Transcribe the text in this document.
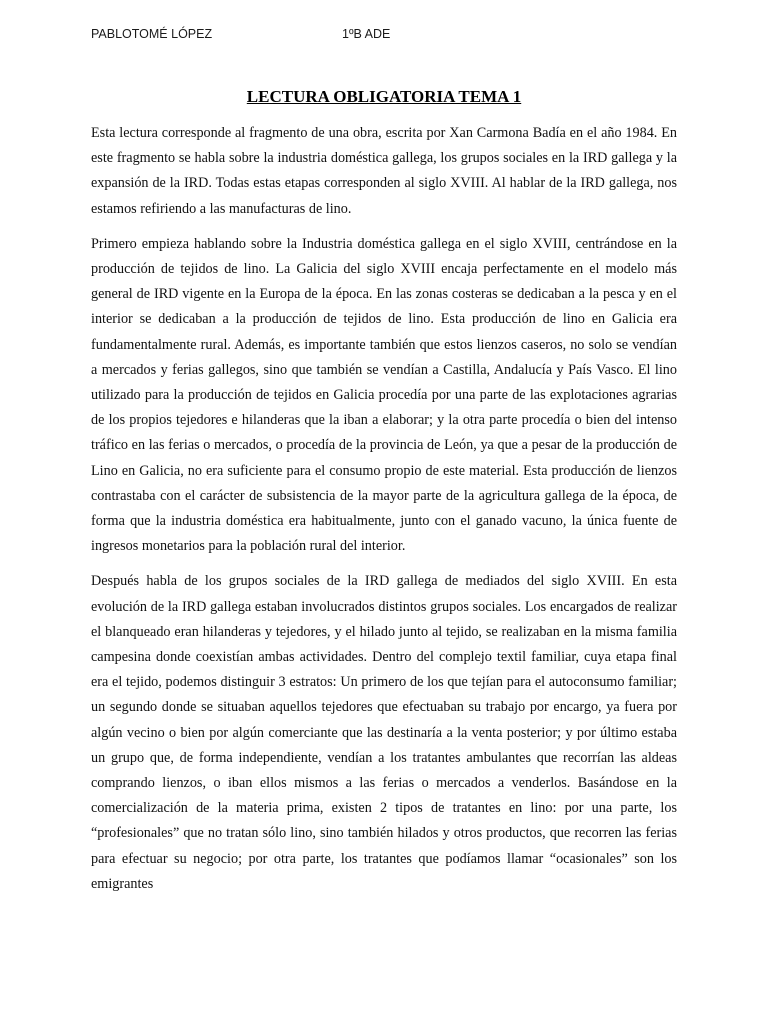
PABLOTOMÉ LÓPEZ	1ºB ADE
LECTURA OBLIGATORIA TEMA 1

Esta lectura corresponde al fragmento de una obra, escrita por Xan Carmona Badía en el año 1984. En este fragmento se habla sobre la industria doméstica gallega, los grupos sociales en la IRD gallega y la expansión de la IRD. Todas estas etapas corresponden al siglo XVIII. Al hablar de la IRD gallega, nos estamos refiriendo a las manufacturas de lino.

Primero empieza hablando sobre la Industria doméstica gallega en el siglo XVIII, centrándose en la producción de tejidos de lino. La Galicia del siglo XVIII encaja perfectamente en el modelo más general de IRD vigente en la Europa de la época. En las zonas costeras se dedicaban a la pesca y en el interior se dedicaban a la producción de tejidos de lino. Esta producción de lino en Galicia era fundamentalmente rural. Además, es importante también que estos lienzos caseros, no solo se vendían a mercados y ferias gallegos, sino que también se vendían a Castilla, Andalucía y País Vasco. El lino utilizado para la producción de tejidos en Galicia procedía por una parte de las explotaciones agrarias de los propios tejedores e hilanderas que la iban a elaborar; y la otra parte procedía o bien del intenso tráfico en las ferias o mercados, o procedía de la provincia de León, ya que a pesar de la producción de Lino en Galicia, no era suficiente para el consumo propio de este material. Esta producción de lienzos contrastaba con el carácter de subsistencia de la mayor parte de la agricultura gallega de la época, de forma que la industria doméstica era habitualmente, junto con el ganado vacuno, la única fuente de ingresos monetarios para la población rural del interior.

Después habla de los grupos sociales de la IRD gallega de mediados del siglo XVIII. En esta evolución de la IRD gallega estaban involucrados distintos grupos sociales. Los encargados de realizar el blanqueado eran hilanderas y tejedores, y el hilado junto al tejido, se realizaban en la misma familia campesina donde coexistían ambas actividades. Dentro del complejo textil familiar, cuya etapa final era el tejido, podemos distinguir 3 estratos: Un primero de los que tejían para el autoconsumo familiar; un segundo donde se situaban aquellos tejedores que efectuaban su trabajo por encargo, ya fuera por algún vecino o bien por algún comerciante que las destinaría a la venta posterior; y por último estaba un grupo que, de forma independiente, vendían a los tratantes ambulantes que recorrían las aldeas comprando lienzos, o iban ellos mismos a las ferias o mercados a venderlos. Basándose en la comercialización de la materia prima, existen 2 tipos de tratantes en lino: por una parte, los “profesionales” que no tratan sólo lino, sino también hilados y otros productos, que recorren las ferias para efectuar su negocio; por otra parte, los tratantes que podíamos llamar “ocasionales” son los emigrantes
